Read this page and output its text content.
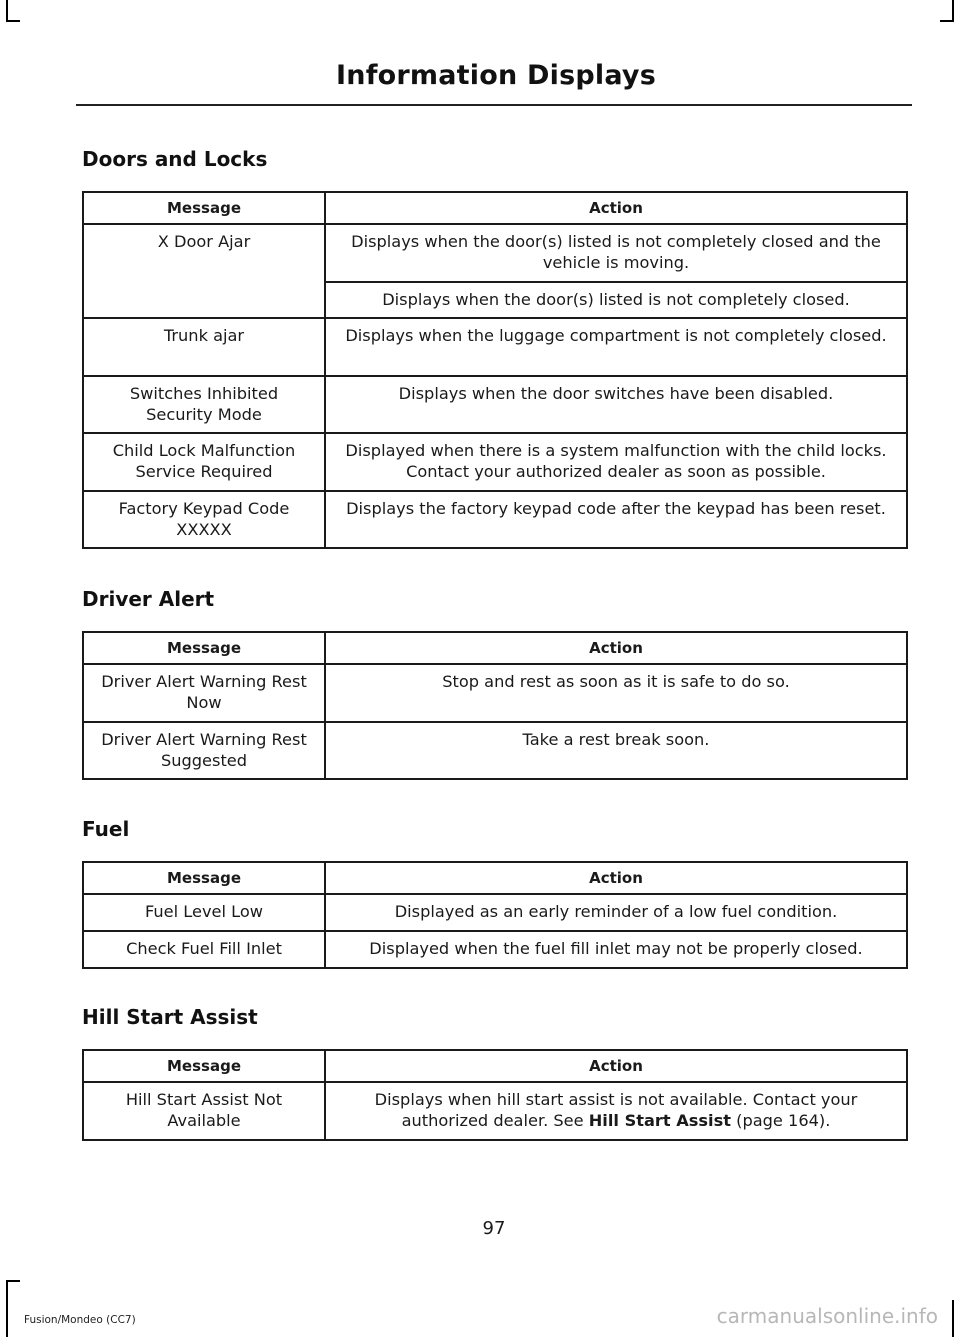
Information Displays
Doors and Locks
Message	Action
X Door Ajar	Displays when the door(s) listed is not completely closed and the vehicle is moving.
	Displays when the door(s) listed is not completely closed.
Trunk ajar	Displays when the luggage compartment is not completely closed.
Switches Inhibited Security Mode	Displays when the door switches have been disabled.
Child Lock Malfunction Service Required	Displayed when there is a system malfunction with the child locks. Contact your authorized dealer as soon as possible.
Factory Keypad Code XXXXX	Displays the factory keypad code after the keypad has been reset.
Driver Alert
Message	Action
Driver Alert Warning Rest Now	Stop and rest as soon as it is safe to do so.
Driver Alert Warning Rest Suggested	Take a rest break soon.
Fuel
Message	Action
Fuel Level Low	Displayed as an early reminder of a low fuel condition.
Check Fuel Fill Inlet	Displayed when the fuel fill inlet may not be properly closed.
Hill Start Assist
Message	Action
Hill Start Assist Not Available	Displays when hill start assist is not available. Contact your authorized dealer. See Hill Start Assist (page 164).
97
Fusion/Mondeo (CC7)	carmanualsonline.info
